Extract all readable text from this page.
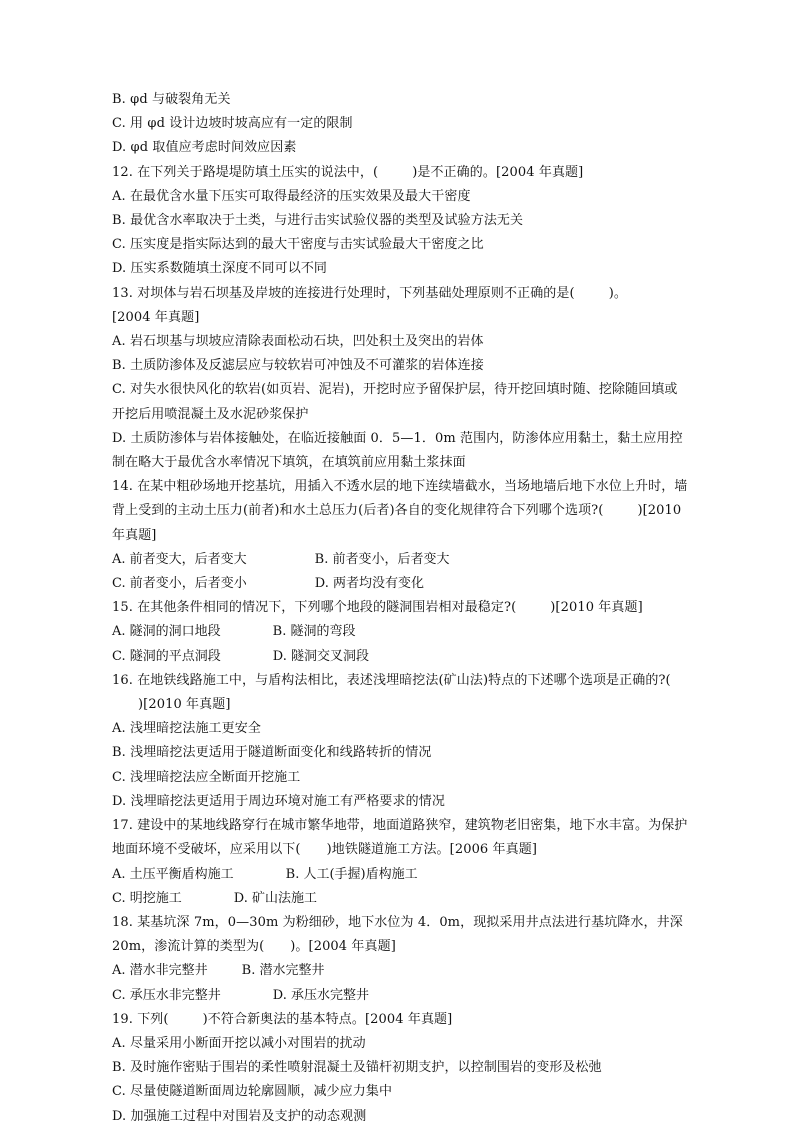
B. φd 与破裂角无关
C. 用 φd 设计边坡时坡高应有一定的限制
D. φd 取值应考虑时间效应因素
12. 在下列关于路堤堤防填土压实的说法中，(	)是不正确的。[2004 年真题]
A. 在最优含水量下压实可取得最经济的压实效果及最大干密度
B. 最优含水率取决于土类，与进行击实试验仪器的类型及试验方法无关
C. 压实度是指实际达到的最大干密度与击实试验最大干密度之比
D. 压实系数随填土深度不同可以不同
13. 对坝体与岩石坝基及岸坡的连接进行处理时，下列基础处理原则不正确的是(	)。
[2004 年真题]
A. 岩石坝基与坝坡应清除表面松动石块，凹处积土及突出的岩体
B. 土质防渗体及反滤层应与较软岩可冲蚀及不可灌浆的岩体连接
C. 对失水很快风化的软岩(如页岩、泥岩)，开挖时应予留保护层，待开挖回填时随、挖除随回填或开挖后用喷混凝土及水泥砂浆保护
D. 土质防渗体与岩体接触处，在临近接触面 0．5—1．0m 范围内，防渗体应用黏土，黏土应用控制在略大于最优含水率情况下填筑，在填筑前应用黏土浆抹面
14. 在某中粗砂场地开挖基坑，用插入不透水层的地下连续墙截水，当场地墙后地下水位上升时，墙背上受到的主动土压力(前者)和水土总压力(后者)各自的变化规律符合下列哪个选项?(	)[2010 年真题]
A. 前者变大，后者变大	B. 前者变小，后者变大
C. 前者变小，后者变小	D. 两者均没有变化
15. 在其他条件相同的情况下，下列哪个地段的隧洞围岩相对最稳定?(	)[2010 年真题]
A. 隧洞的洞口地段	B. 隧洞的弯段
C. 隧洞的平点洞段	D. 隧洞交叉洞段
16. 在地铁线路施工中，与盾构法相比，表述浅埋暗挖法(矿山法)特点的下述哪个选项是正确的?()[2010 年真题]
A. 浅埋暗挖法施工更安全
B. 浅埋暗挖法更适用于隧道断面变化和线路转折的情况
C. 浅埋暗挖法应全断面开挖施工
D. 浅埋暗挖法更适用于周边环境对施工有严格要求的情况
17. 建设中的某地线路穿行在城市繁华地带，地面道路狭窄，建筑物老旧密集，地下水丰富。为保护地面环境不受破坏，应采用以下( )地铁隧道施工方法。[2006 年真题]
A. 土压平衡盾构施工	B. 人工(手握)盾构施工
C. 明挖施工	D. 矿山法施工
18. 某基坑深 7m，0—30m 为粉细砂，地下水位为 4．0m，现拟采用井点法进行基坑降水，井深 20m，渗流计算的类型为( )。[2004 年真题]
A. 潜水非完整井	B. 潜水完整井
C. 承压水非完整井	D. 承压水完整井
19. 下列(	)不符合新奥法的基本特点。[2004 年真题]
A. 尽量采用小断面开挖以减小对围岩的扰动
B. 及时施作密贴于围岩的柔性喷射混凝土及锚杆初期支护，以控制围岩的变形及松弛
C. 尽量使隧道断面周边轮廓圆顺，减少应力集中
D. 加强施工过程中对围岩及支护的动态观测
